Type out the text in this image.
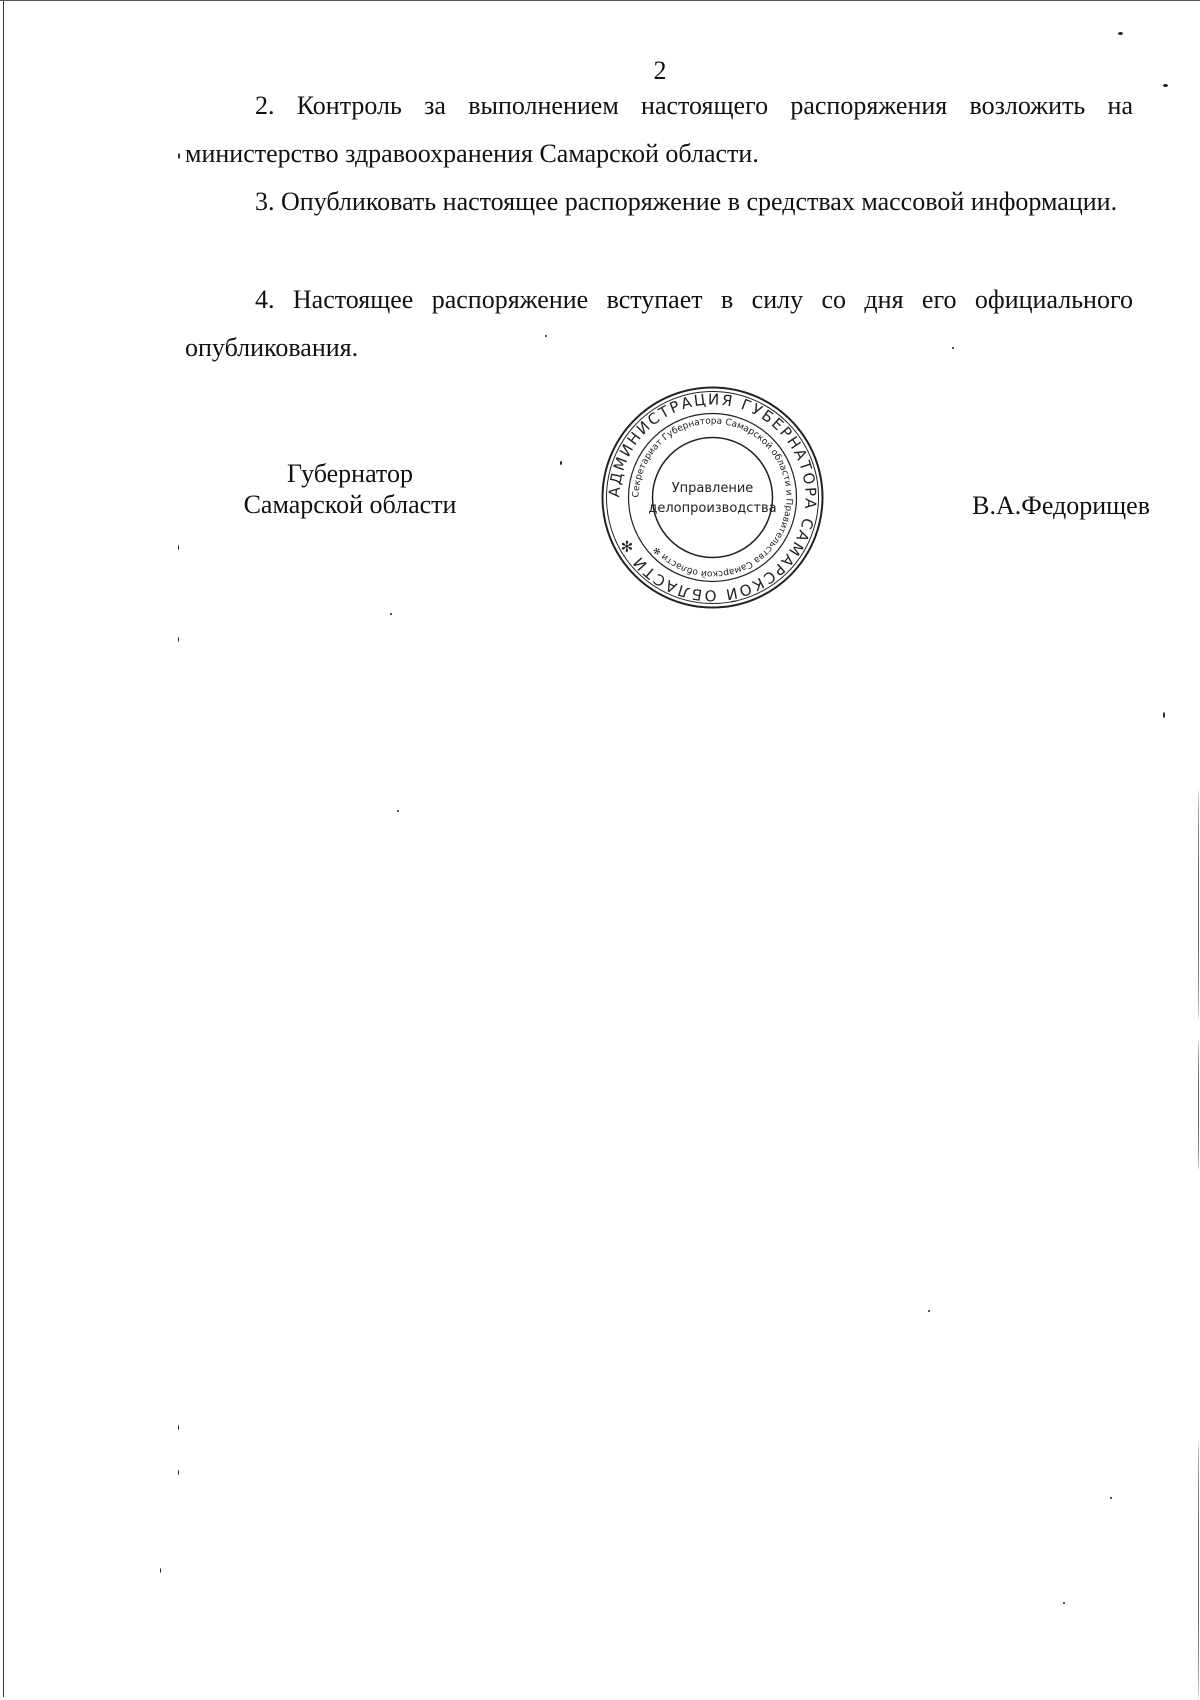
2

2. Контроль за выполнением настоящего распоряжения возложить на министерство здравоохранения Самарской области.

3. Опубликовать настоящее распоряжение в средствах массовой информации.

4. Настоящее распоряжение вступает в силу со дня его официального опубликования.

Губернатор
Самарской области	АДМИНИСТРАЦИЯ ГУБЕРНАТОРА САМАРСКОЙ ОБЛАСТИ ✻
Секретариат Губернатора Самарской области и Правительства Самарской области ✻
Управление
делопроизводства	В.А.Федорищев
